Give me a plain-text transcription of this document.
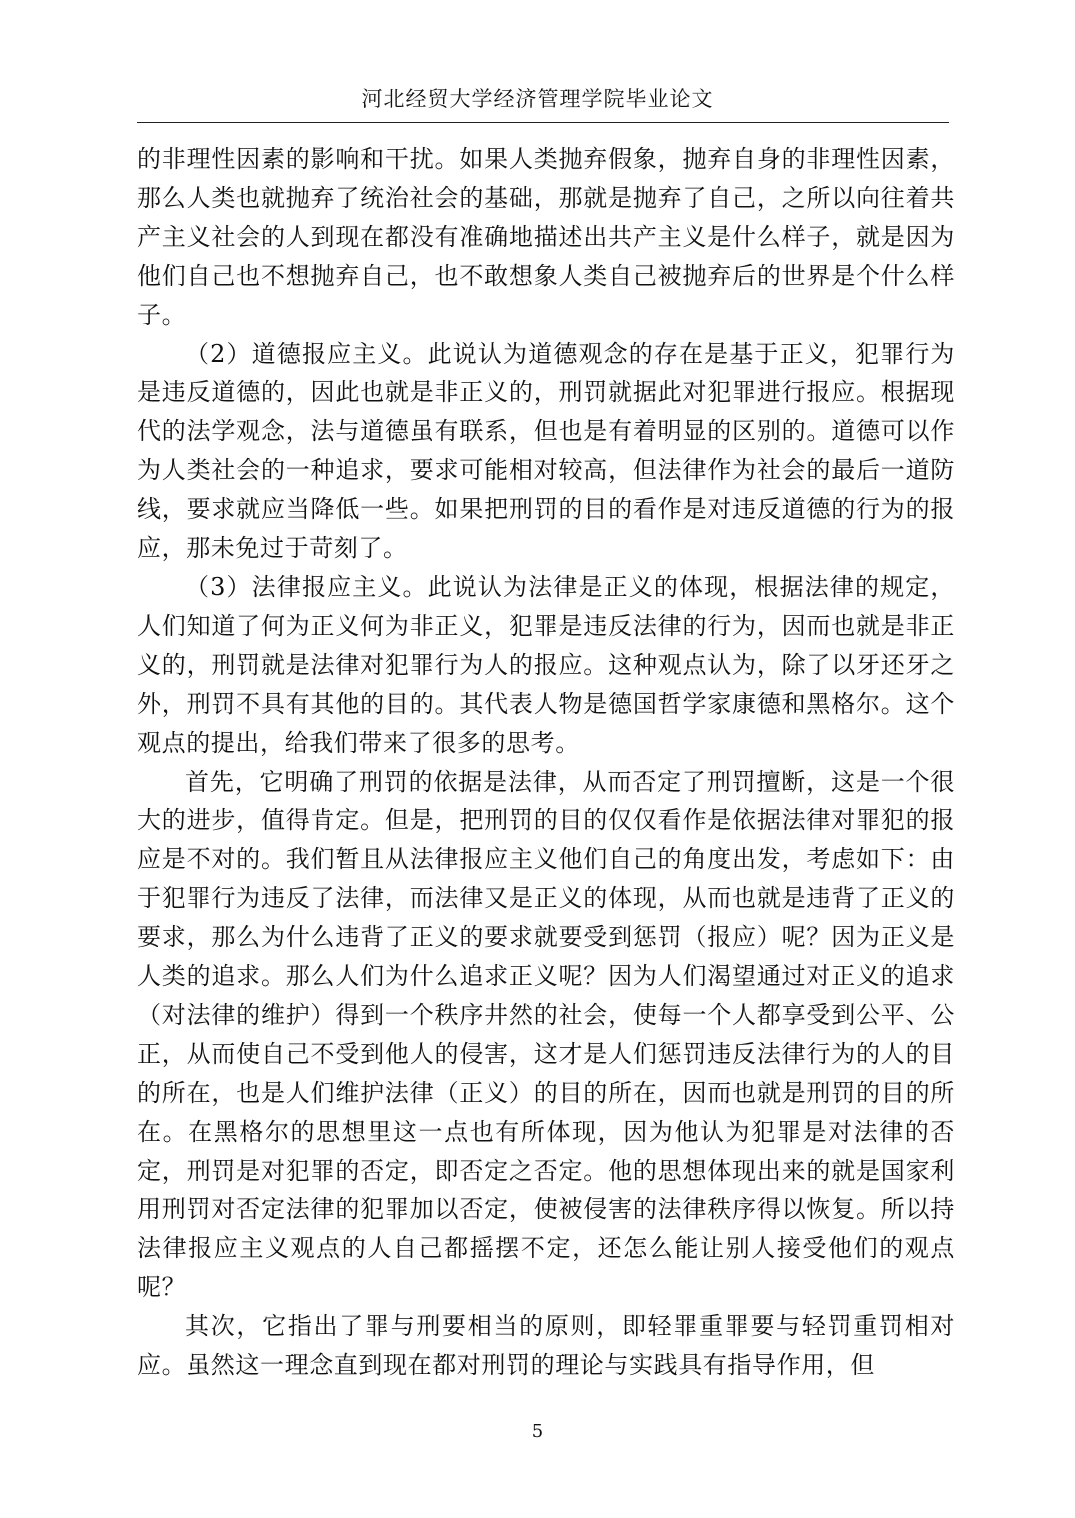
河北经贸大学经济管理学院毕业论文

的非理性因素的影响和干扰。如果人类抛弃假象，抛弃自身的非理性因素，那么人类也就抛弃了统治社会的基础，那就是抛弃了自己，之所以向往着共产主义社会的人到现在都没有准确地描述出共产主义是什么样子，就是因为他们自己也不想抛弃自己，也不敢想象人类自己被抛弃后的世界是个什么样子。

（2）道德报应主义。此说认为道德观念的存在是基于正义，犯罪行为是违反道德的，因此也就是非正义的，刑罚就据此对犯罪进行报应。根据现代的法学观念，法与道德虽有联系，但也是有着明显的区别的。道德可以作为人类社会的一种追求，要求可能相对较高，但法律作为社会的最后一道防线，要求就应当降低一些。如果把刑罚的目的看作是对违反道德的行为的报应，那未免过于苛刻了。

（3）法律报应主义。此说认为法律是正义的体现，根据法律的规定，人们知道了何为正义何为非正义，犯罪是违反法律的行为，因而也就是非正义的，刑罚就是法律对犯罪行为人的报应。这种观点认为，除了以牙还牙之外，刑罚不具有其他的目的。其代表人物是德国哲学家康德和黑格尔。这个观点的提出，给我们带来了很多的思考。

首先，它明确了刑罚的依据是法律，从而否定了刑罚擅断，这是一个很大的进步，值得肯定。但是，把刑罚的目的仅仅看作是依据法律对罪犯的报应是不对的。我们暂且从法律报应主义他们自己的角度出发，考虑如下：由于犯罪行为违反了法律，而法律又是正义的体现，从而也就是违背了正义的要求，那么为什么违背了正义的要求就要受到惩罚（报应）呢？因为正义是人类的追求。那么人们为什么追求正义呢？因为人们渴望通过对正义的追求（对法律的维护）得到一个秩序井然的社会，使每一个人都享受到公平、公正，从而使自己不受到他人的侵害，这才是人们惩罚违反法律行为的人的目的所在，也是人们维护法律（正义）的目的所在，因而也就是刑罚的目的所在。在黑格尔的思想里这一点也有所体现，因为他认为犯罪是对法律的否定，刑罚是对犯罪的否定，即否定之否定。他的思想体现出来的就是国家利用刑罚对否定法律的犯罪加以否定，使被侵害的法律秩序得以恢复。所以持法律报应主义观点的人自己都摇摆不定，还怎么能让别人接受他们的观点呢？

其次，它指出了罪与刑要相当的原则，即轻罪重罪要与轻罚重罚相对应。虽然这一理念直到现在都对刑罚的理论与实践具有指导作用，但

5
